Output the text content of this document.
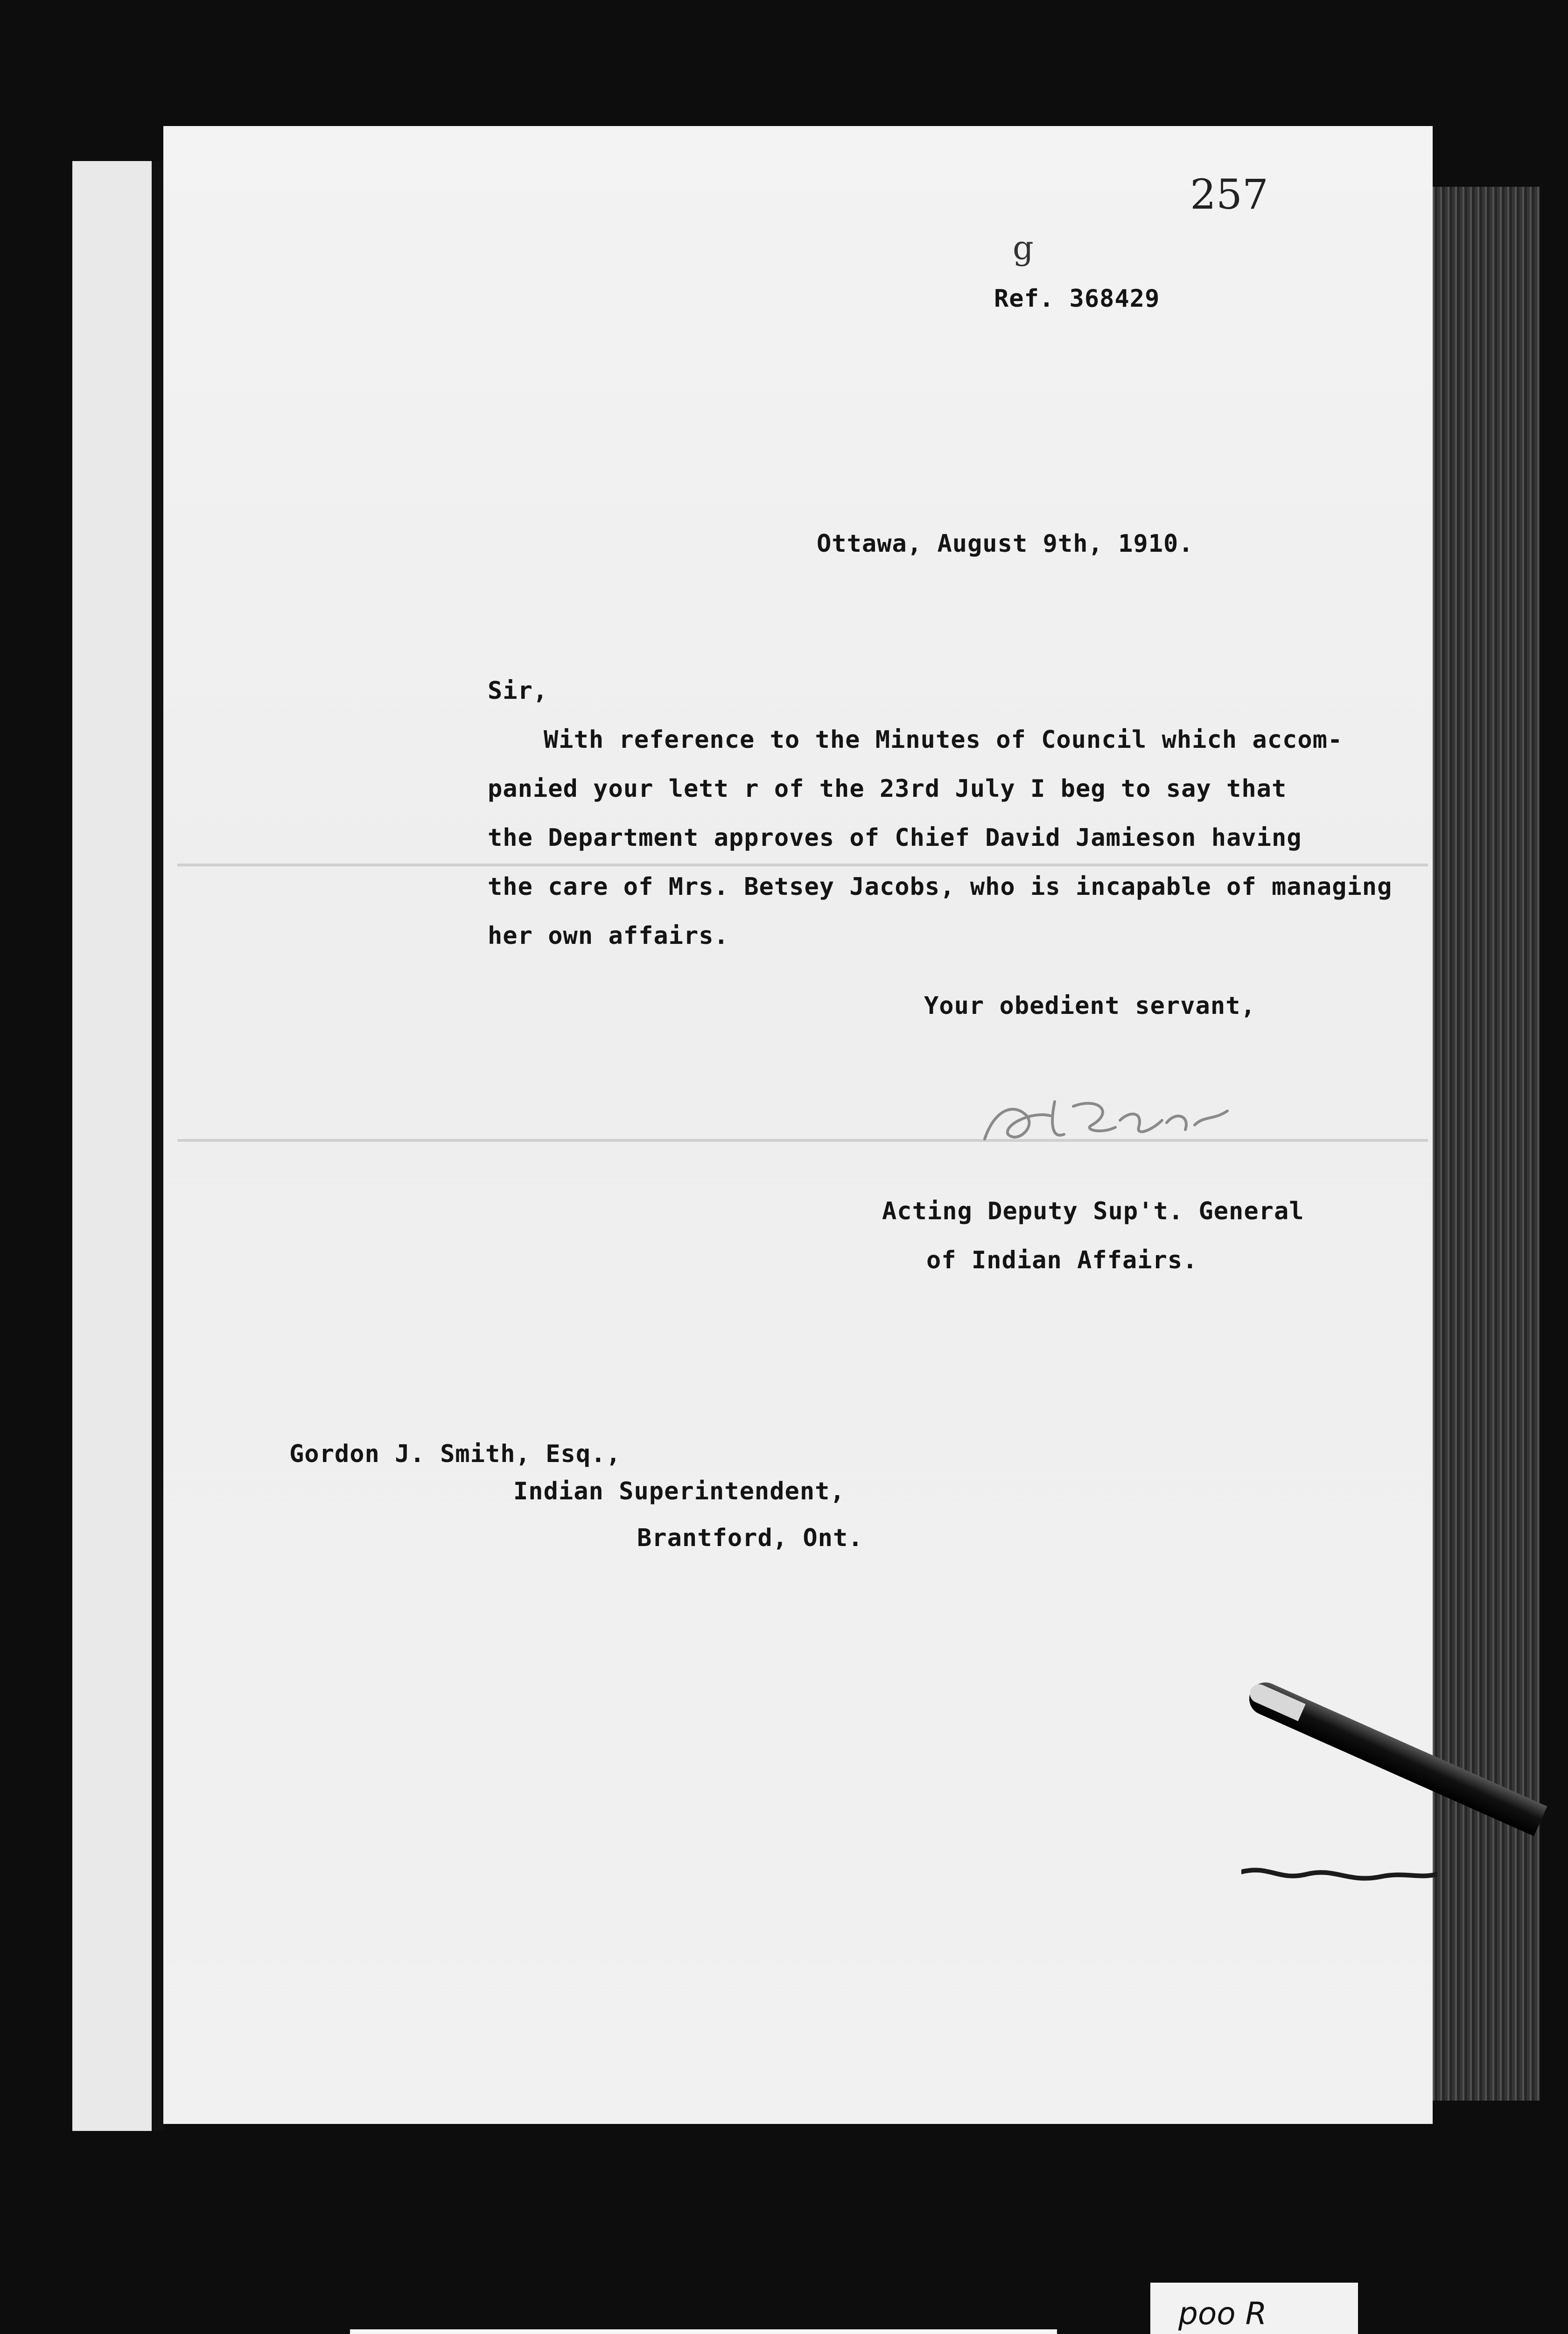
257
g
Ref. 368429
Ottawa, August 9th, 1910.
Sir,
With reference to the Minutes of Council which accom-
panied your lett r of the 23rd July I beg to say that
the Department approves of Chief David Jamieson having
the care of Mrs. Betsey Jacobs, who is incapable of managing
her own affairs.
Your obedient servant,
Acting Deputy Sup't. General
of Indian Affairs.
Gordon J. Smith, Esq.,
Indian Superintendent,
Brantford, Ont.
poo R
